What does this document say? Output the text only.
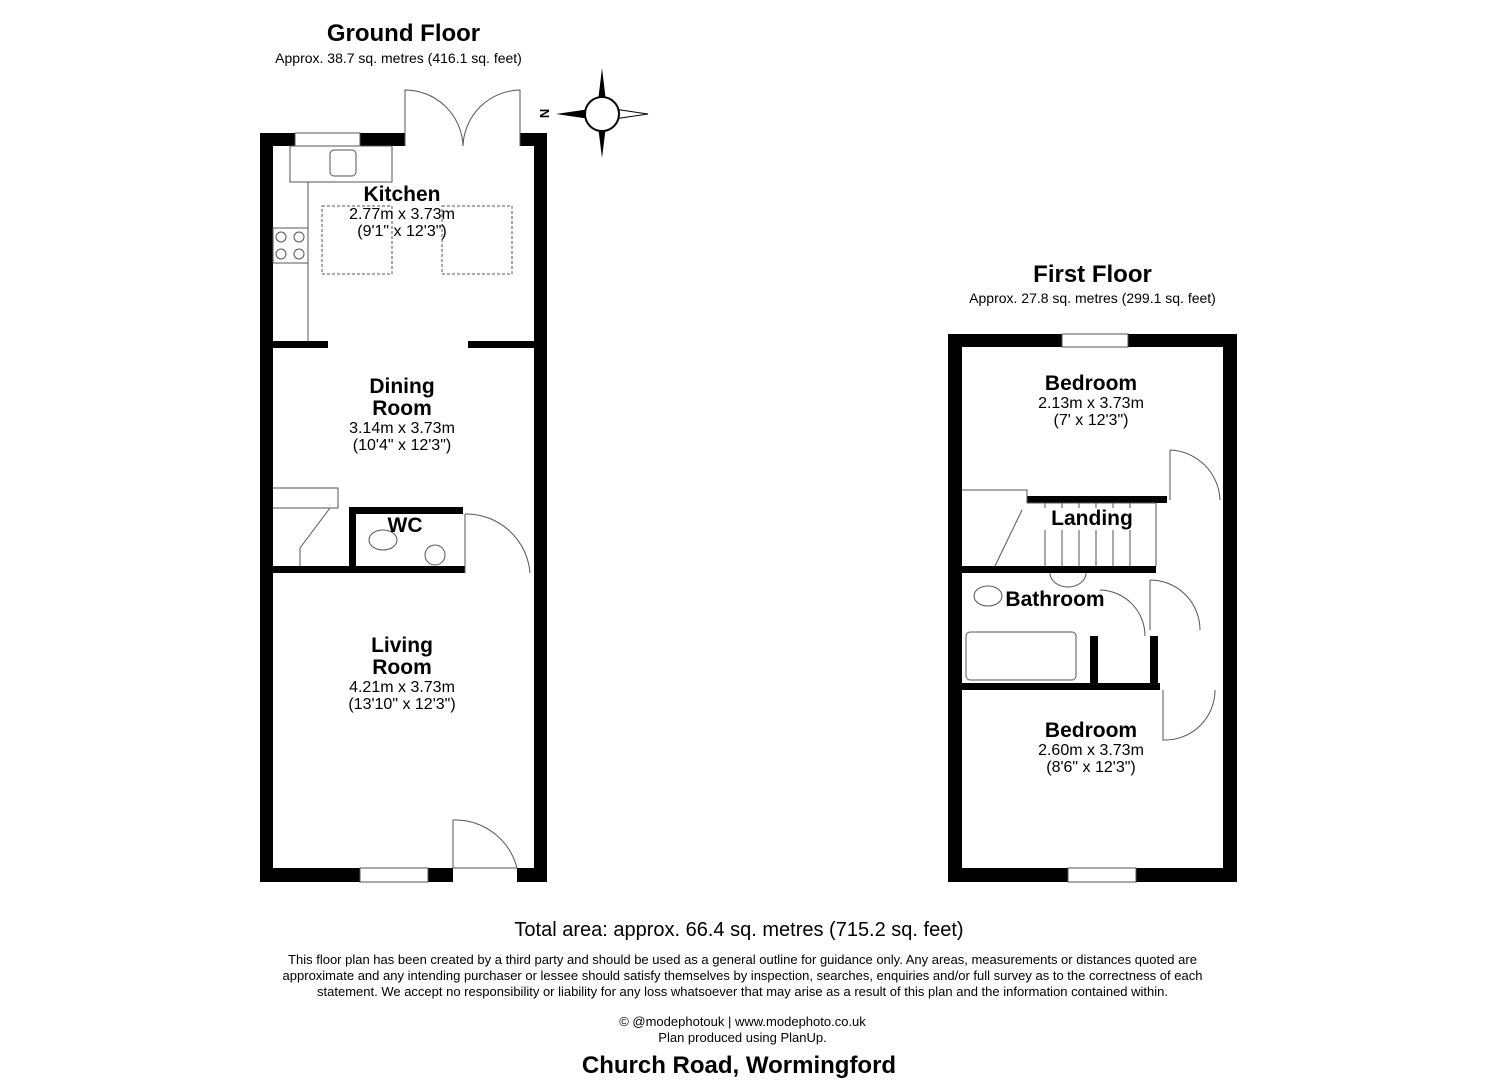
Ground Floor
Approx. 38.7 sq. metres (416.1 sq. feet)
N
Kitchen
2.77m x 3.73m
(9'1" x 12'3")
Dining Room
3.14m x 3.73m
(10'4" x 12'3")
WC
Living Room
4.21m x 3.73m
(13'10" x 12'3")
First Floor
Approx. 27.8 sq. metres (299.1 sq. feet)
Bedroom
2.13m x 3.73m
(7' x 12'3")
Landing
Bathroom
Bedroom
2.60m x 3.73m
(8'6" x 12'3")
Total area: approx. 66.4 sq. metres (715.2 sq. feet)
This floor plan has been created by a third party and should be used as a general outline for guidance only. Any areas, measurements or distances quoted are
approximate and any intending purchaser or lessee should satisfy themselves by inspection, searches, enquiries and/or full survey as to the correctness of each
statement. We accept no responsibility or liability for any loss whatsoever that may arise as a result of this plan and the information contained within.
© @modephotouk | www.modephoto.co.uk
Plan produced using PlanUp.
Church Road, Wormingford
